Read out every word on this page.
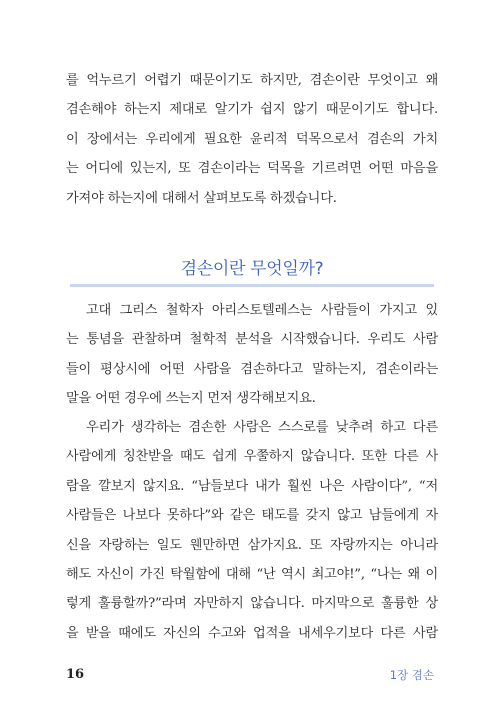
를 억누르기 어렵기 때문이기도 하지만, 겸손이란 무엇이고 왜
겸손해야 하는지 제대로 알기가 쉽지 않기 때문이기도 합니다.
이 장에서는 우리에게 필요한 윤리적 덕목으로서 겸손의 가치
는 어디에 있는지, 또 겸손이라는 덕목을 기르려면 어떤 마음을
가져야 하는지에 대해서 살펴보도록 하겠습니다.

겸손이란 무엇일까?

고대 그리스 철학자 아리스토텔레스는 사람들이 가지고 있
는 통념을 관찰하며 철학적 분석을 시작했습니다. 우리도 사람
들이 평상시에 어떤 사람을 겸손하다고 말하는지, 겸손이라는
말을 어떤 경우에 쓰는지 먼저 생각해보지요.

우리가 생각하는 겸손한 사람은 스스로를 낮추려 하고 다른
사람에게 칭찬받을 때도 쉽게 우쭐하지 않습니다. 또한 다른 사
람을 깔보지 않지요. “남들보다 내가 훨씬 나은 사람이다”, “저
사람들은 나보다 못하다”와 같은 태도를 갖지 않고 남들에게 자
신을 자랑하는 일도 웬만하면 삼가지요. 또 자랑까지는 아니라
해도 자신이 가진 탁월함에 대해 “난 역시 최고야!”, “나는 왜 이
렇게 훌륭할까?”라며 자만하지 않습니다. 마지막으로 훌륭한 상
을 받을 때에도 자신의 수고와 업적을 내세우기보다 다른 사람

16	1장 겸손
